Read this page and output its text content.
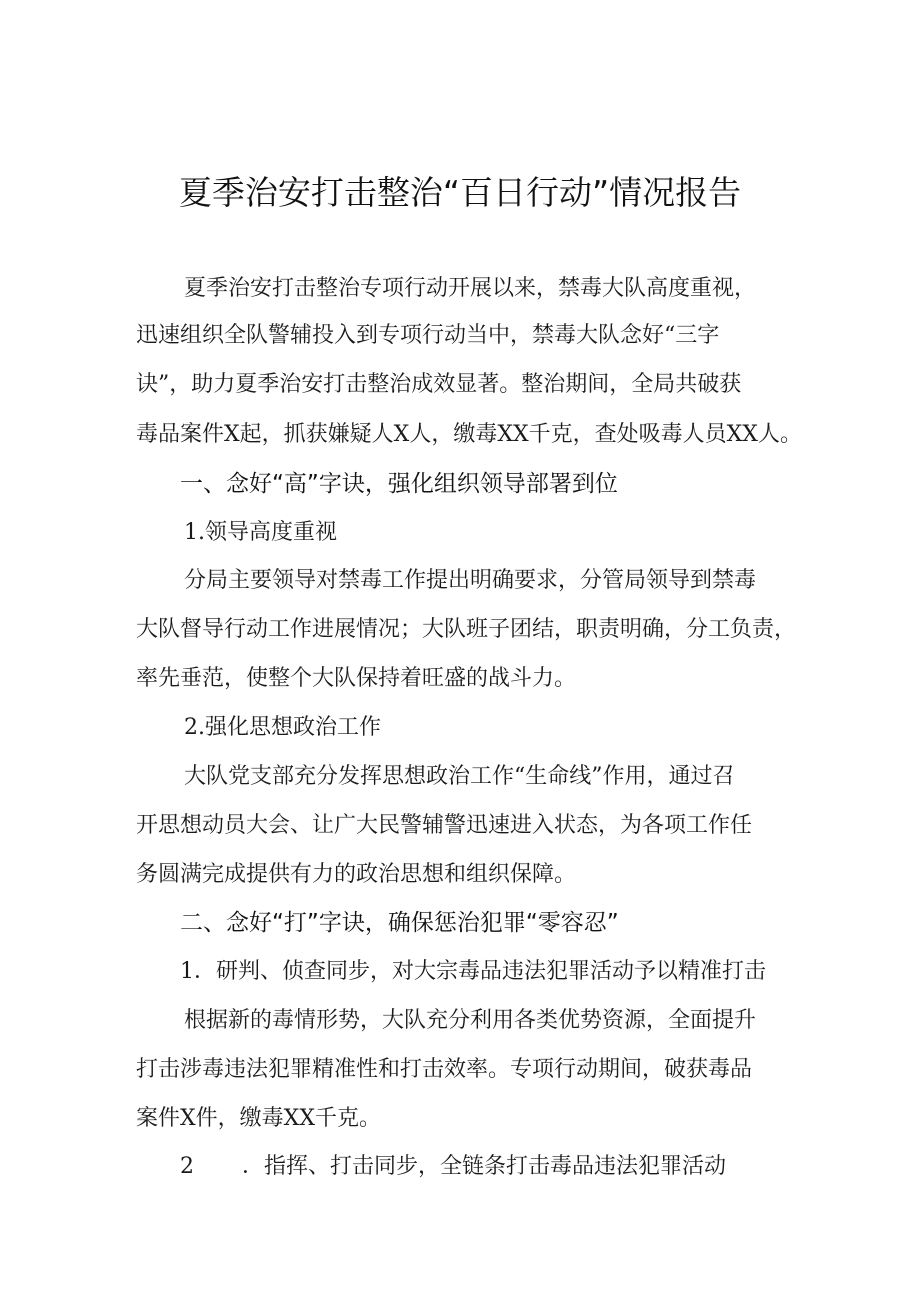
夏季治安打击整治“百日行动”情况报告
夏季治安打击整治专项行动开展以来，禁毒大队高度重视，
迅速组织全队警辅投入到专项行动当中，禁毒大队念好“三字
诀”，助力夏季治安打击整治成效显著。整治期间，全局共破获
毒品案件X起，抓获嫌疑人X人，缴毒XX千克，查处吸毒人员XX人。
一、念好“高”字诀，强化组织领导部署到位
1.领导高度重视
分局主要领导对禁毒工作提出明确要求，分管局领导到禁毒
大队督导行动工作进展情况；大队班子团结，职责明确，分工负责，
率先垂范，使整个大队保持着旺盛的战斗力。
2.强化思想政治工作
大队党支部充分发挥思想政治工作“生命线”作用，通过召
开思想动员大会、让广大民警辅警迅速进入状态，为各项工作任
务圆满完成提供有力的政治思想和组织保障。
二、念好“打”字诀，确保惩治犯罪“零容忍”
1．研判、侦查同步，对大宗毒品违法犯罪活动予以精准打击
根据新的毒情形势，大队充分利用各类优势资源，全面提升
打击涉毒违法犯罪精准性和打击效率。专项行动期间，破获毒品
案件X件，缴毒XX千克。
2 ．指挥、打击同步，全链条打击毒品违法犯罪活动
